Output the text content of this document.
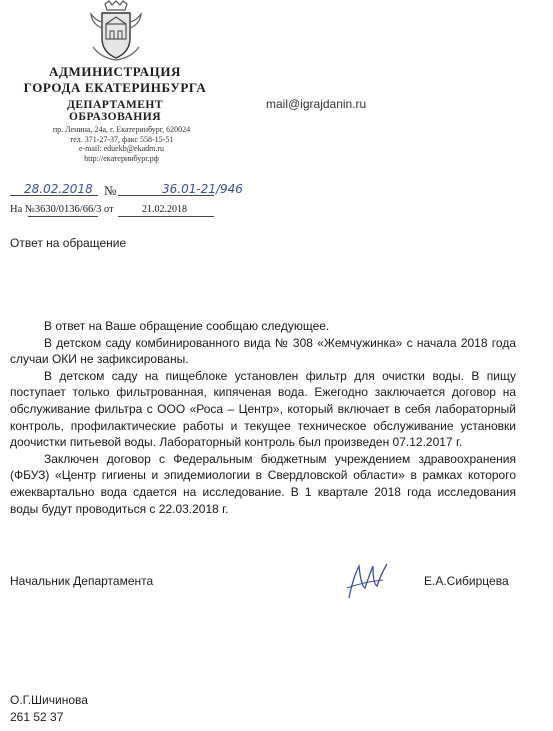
АДМИНИСТРАЦИЯ
ГОРОДА ЕКАТЕРИНБУРГА
ДЕПАРТАМЕНТ ОБРАЗОВАНИЯ
mail@igrajdanin.ru
пр. Ленина, 24а, г. Екатеринбург, 620024
тел. 371-27-37, факс 558-15-51
e-mail: eduekb@ekadm.ru
http://екатеринбург.рф
28.02.2018 №	36.01-21/946
На №3630/0136/66/3 от	21.02.2018
Ответ на обращение

В ответ на Ваше обращение сообщаю следующее.

В детском саду комбинированного вида № 308 «Жемчужинка» с начала 2018 года случаи ОКИ не зафиксированы.

В детском саду на пищеблоке установлен фильтр для очистки воды. В пищу поступает только фильтрованная, кипяченая вода. Ежегодно заключается договор на обслуживание фильтра с ООО «Роса – Центр», который включает в себя лабораторный контроль, профилактические работы и текущее техническое обслуживание установки доочистки питьевой воды. Лабораторный контроль был произведен 07.12.2017 г.

Заключен договор с Федеральным бюджетным учреждением здравоохранения (ФБУЗ) «Центр гигиены и эпидемиологии в Свердловской области» в рамках которого ежеквартально вода сдается на исследование. В 1 квартале 2018 года исследования воды будут проводиться с 22.03.2018 г.

Начальник Департамента	Е.А.Сибирцева
О.Г.Шичинова
261 52 37
